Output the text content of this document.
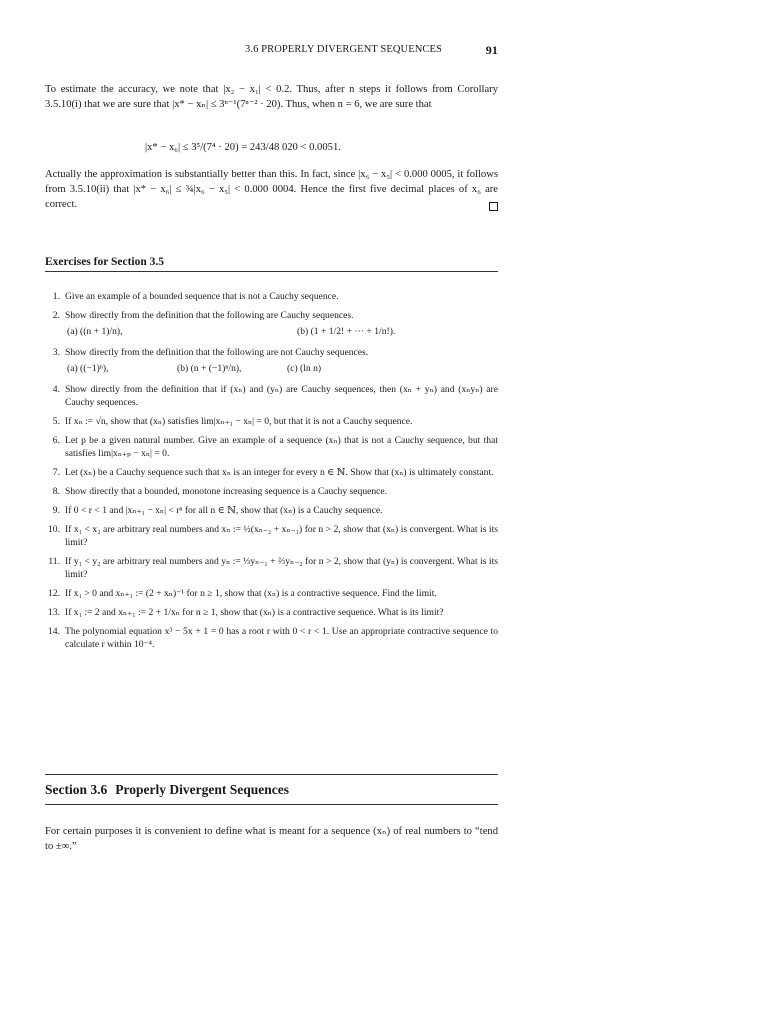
3.6 PROPERLY DIVERGENT SEQUENCES	91
To estimate the accuracy, we note that |x₂ − x₁| < 0.2. Thus, after n steps it follows from Corollary 3.5.10(i) that we are sure that |x* − xₙ| ≤ 3ⁿ⁻¹(7ⁿ⁻² · 20). Thus, when n = 6, we are sure that
|x* − x₆| ≤ 3⁵/(7⁴ · 20) = 243/48 020 < 0.0051.
Actually the approximation is substantially better than this. In fact, since |x₆ − x₅| < 0.000 0005, it follows from 3.5.10(ii) that |x* − x₆| ≤ ¾|x₆ − x₅| < 0.000 0004. Hence the first five decimal places of x₆ are correct.
Exercises for Section 3.5
1. Give an example of a bounded sequence that is not a Cauchy sequence.
2. Show directly from the definition that the following are Cauchy sequences.
(a) ((n + 1)/n),	(b) (1 + 1/2! + ··· + 1/n!).
3. Show directly from the definition that the following are not Cauchy sequences.
(a) ((−1)ⁿ),	(b) (n + (−1)ⁿ/n),	(c) (ln n)
4. Show directly from the definition that if (xₙ) and (yₙ) are Cauchy sequences, then (xₙ + yₙ) and (xₙyₙ) are Cauchy sequences.
5. If xₙ := √n, show that (xₙ) satisfies lim|xₙ₊₁ − xₙ| = 0, but that it is not a Cauchy sequence.
6. Let p be a given natural number. Give an example of a sequence (xₙ) that is not a Cauchy sequence, but that satisfies lim|xₙ₊ₚ − xₙ| = 0.
7. Let (xₙ) be a Cauchy sequence such that xₙ is an integer for every n ∈ ℕ. Show that (xₙ) is ultimately constant.
8. Show directly that a bounded, monotone increasing sequence is a Cauchy sequence.
9. If 0 < r < 1 and |xₙ₊₁ − xₙ| < rⁿ for all n ∈ ℕ, show that (xₙ) is a Cauchy sequence.
10. If x₁ < x₂ are arbitrary real numbers and xₙ := ½(xₙ₋₂ + xₙ₋₁) for n > 2, show that (xₙ) is convergent. What is its limit?
11. If y₁ < y₂ are arbitrary real numbers and yₙ := ⅓yₙ₋₁ + ⅔yₙ₋₂ for n > 2, show that (yₙ) is convergent. What is its limit?
12. If x₁ > 0 and xₙ₊₁ := (2 + xₙ)⁻¹ for n ≥ 1, show that (xₙ) is a contractive sequence. Find the limit.
13. If x₁ := 2 and xₙ₊₁ := 2 + 1/xₙ for n ≥ 1, show that (xₙ) is a contractive sequence. What is its limit?
14. The polynomial equation x³ − 5x + 1 = 0 has a root r with 0 < r < 1. Use an appropriate contractive sequence to calculate r within 10⁻⁴.
Section 3.6 Properly Divergent Sequences
For certain purposes it is convenient to define what is meant for a sequence (xₙ) of real numbers to “tend to ±∞.”
